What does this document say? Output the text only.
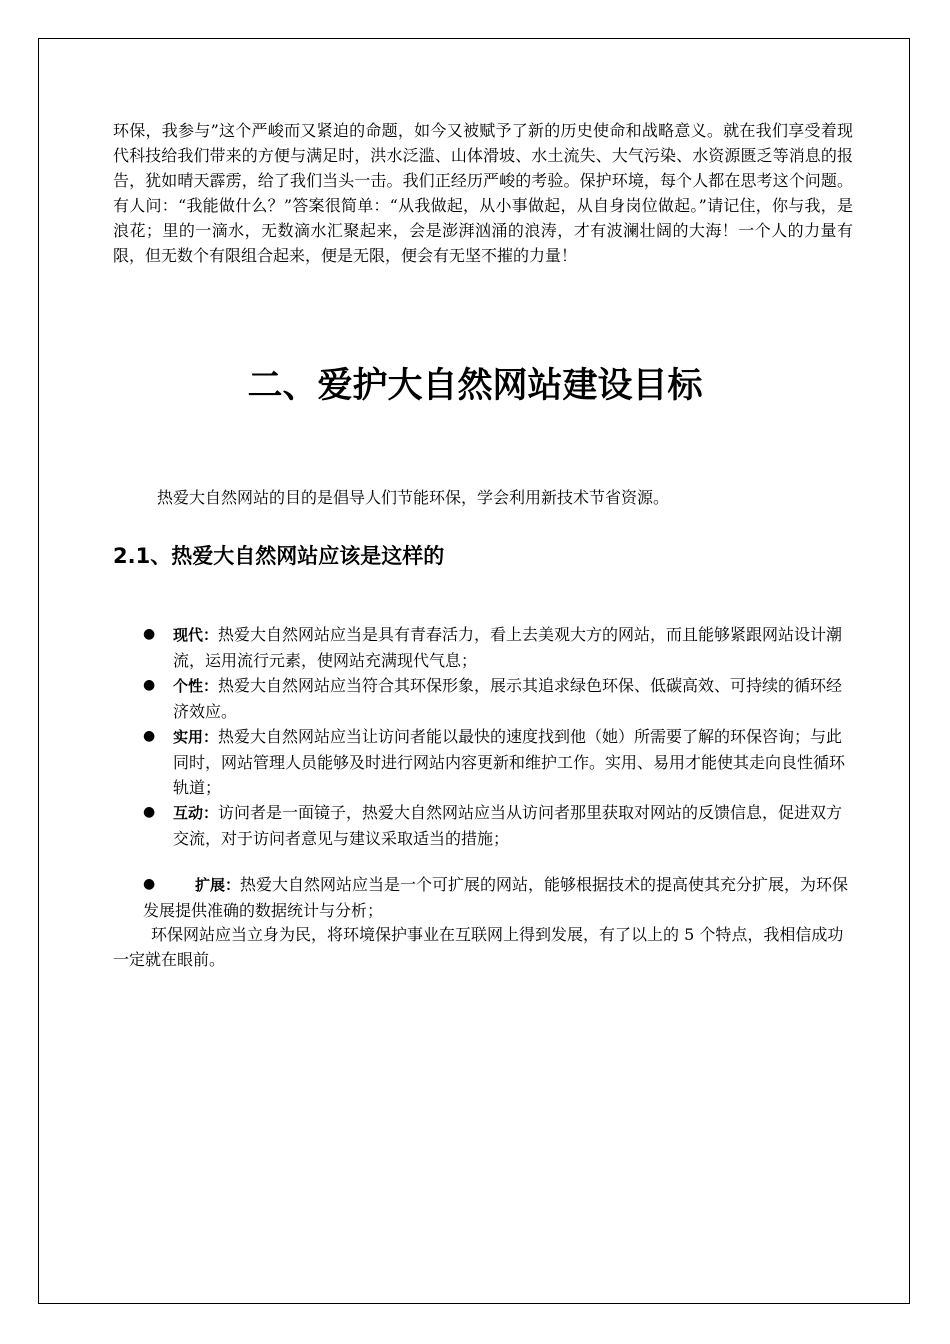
环保，我参与”这个严峻而又紧迫的命题，如今又被赋予了新的历史使命和战略意义。就在我们享受着现代科技给我们带来的方便与满足时，洪水泛滥、山体滑坡、水土流失、大气污染、水资源匮乏等消息的报告，犹如晴天霹雳，给了我们当头一击。我们正经历严峻的考验。保护环境，每个人都在思考这个问题。有人问：“我能做什么？”答案很简单：“从我做起，从小事做起，从自身岗位做起。”请记住，你与我，是浪花；里的一滴水，无数滴水汇聚起来，会是澎湃汹涌的浪涛，才有波澜壮阔的大海！一个人的力量有限，但无数个有限组合起来，便是无限，便会有无坚不摧的力量！

二、爱护大自然网站建设目标

热爱大自然网站的目的是倡导人们节能环保，学会利用新技术节省资源。

2.1、热爱大自然网站应该是这样的
● 现代：热爱大自然网站应当是具有青春活力，看上去美观大方的网站，而且能够紧跟网站设计潮流，运用流行元素，使网站充满现代气息；
● 个性：热爱大自然网站应当符合其环保形象，展示其追求绿色环保、低碳高效、可持续的循环经济效应。
● 实用：热爱大自然网站应当让访问者能以最快的速度找到他（她）所需要了解的环保咨询；与此同时，网站管理人员能够及时进行网站内容更新和维护工作。实用、易用才能使其走向良性循环轨道；
● 互动：访问者是一面镜子，热爱大自然网站应当从访问者那里获取对网站的反馈信息，促进双方交流，对于访问者意见与建议采取适当的措施；
●	扩展：热爱大自然网站应当是一个可扩展的网站，能够根据技术的提高使其充分扩展，为环保发展提供准确的数据统计与分析；

环保网站应当立身为民，将环境保护事业在互联网上得到发展，有了以上的 5 个特点，我相信成功一定就在眼前。
